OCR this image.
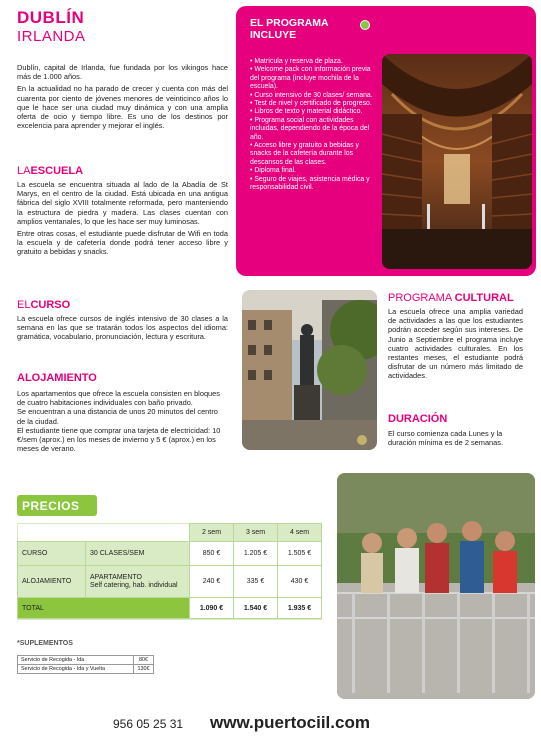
DUBLÍN
IRLANDA

Dublín, capital de Irlanda, fue fundada por los vikingos hace más de 1.000 años.

En la actualidad no ha parado de crecer y cuenta con más del cuarenta por ciento de jóvenes menores de veinticinco años lo que le hace ser una ciudad muy dinámica y con una amplia oferta de ocio y tiempo libre. Es uno de los destinos por excelencia para aprender y mejorar el inglés.

LAESCUELA

La escuela se encuentra situada al lado de la Abadía de St Marys, en el centro de la ciudad. Está ubicada en una antigua fábrica del siglo XVIII totalmente reformada, pero manteniendo la estructura de piedra y madera. Las clases cuentan con amplios ventanales, lo que les hace ser muy luminosas.

Entre otras cosas, el estudiante puede disfrutar de Wifi en toda la escuela y de cafetería donde podrá tener acceso libre y gratuito a bebidas y snacks.

ELCURSO

La escuela ofrece cursos de inglés intensivo de 30 clases a la semana en las que se tratarán todos los aspectos del idioma: gramática, vocabulario, pronunciación, lectura y escritura.

ALOJAMIENTO

Los apartamentos que ofrece la escuela consisten en bloques de cuatro habitaciones individuales con baño privado.

Se encuentran a una distancia de unos 20 minutos del centro de la ciudad.

El estudiante tiene que comprar una tarjeta de electricidad: 10 €/sem (aprox.) en los meses de invierno y 5 € (aprox.) en los meses de verano.

EL PROGRAMA
INCLUYE
• Matrícula y reserva de plaza.
• Welcome pack con información previa del programa (incluye mochila de la escuela).
• Curso intensivo de 30 clases/ semana.
• Test de nivel y certificado de progreso.
• Libros de texto y material didáctico.
• Programa social con actividades incluidas, dependiendo de la época del año.
• Acceso libre y gratuito a bebidas y snacks de la cafetería durante los descansos de las clases.
• Diploma final.
• Seguro de viajes, asistencia médica y responsabilidad civil.
PROGRAMA CULTURAL

La escuela ofrece una amplia variedad de actividades a las que los estudiantes podrán acceder según sus intereses. De Junio a Septiembre el programa incluye cuatro actividades culturales. En los restantes meses, el estudiante podrá disfrutar de un número más limitado de actividades.

DURACIÓN

El curso comienza cada Lunes y la duración mínima es de 2 semanas.

PRECIOS
		2 sem	3 sem	4 sem
CURSO	30 CLASES/SEM	850 €	1.205 €	1.505 €
ALOJAMIENTO	APARTAMENTO
Self catering, hab. individual	240 €	335 €	430 €
TOTAL		1.090 €	1.540 €	1.935 €
*SUPLEMENTOS
Servicio de Recogida - Ida	80€
Servicio de Recogida - Ida y Vuelta	130€
956 05 25 31 www.puertociil.com
